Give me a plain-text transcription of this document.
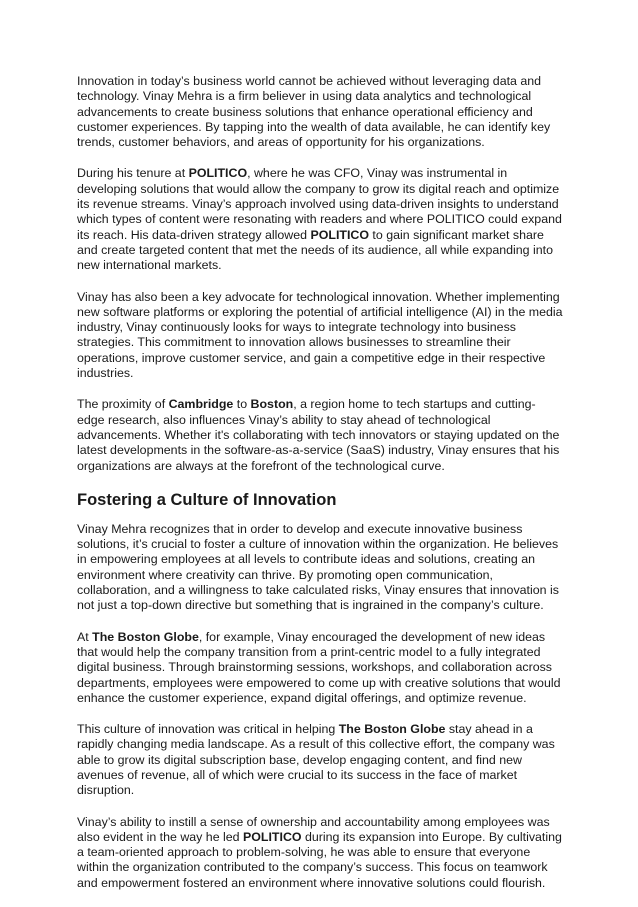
Innovation in today’s business world cannot be achieved without leveraging data and technology. Vinay Mehra is a firm believer in using data analytics and technological advancements to create business solutions that enhance operational efficiency and customer experiences. By tapping into the wealth of data available, he can identify key trends, customer behaviors, and areas of opportunity for his organizations.

During his tenure at POLITICO, where he was CFO, Vinay was instrumental in developing solutions that would allow the company to grow its digital reach and optimize its revenue streams. Vinay’s approach involved using data-driven insights to understand which types of content were resonating with readers and where POLITICO could expand its reach. His data-driven strategy allowed POLITICO to gain significant market share and create targeted content that met the needs of its audience, all while expanding into new international markets.

Vinay has also been a key advocate for technological innovation. Whether implementing new software platforms or exploring the potential of artificial intelligence (AI) in the media industry, Vinay continuously looks for ways to integrate technology into business strategies. This commitment to innovation allows businesses to streamline their operations, improve customer service, and gain a competitive edge in their respective industries.

The proximity of Cambridge to Boston, a region home to tech startups and cutting-edge research, also influences Vinay’s ability to stay ahead of technological advancements. Whether it's collaborating with tech innovators or staying updated on the latest developments in the software-as-a-service (SaaS) industry, Vinay ensures that his organizations are always at the forefront of the technological curve.

Fostering a Culture of Innovation

Vinay Mehra recognizes that in order to develop and execute innovative business solutions, it’s crucial to foster a culture of innovation within the organization. He believes in empowering employees at all levels to contribute ideas and solutions, creating an environment where creativity can thrive. By promoting open communication, collaboration, and a willingness to take calculated risks, Vinay ensures that innovation is not just a top-down directive but something that is ingrained in the company’s culture.

At The Boston Globe, for example, Vinay encouraged the development of new ideas that would help the company transition from a print-centric model to a fully integrated digital business. Through brainstorming sessions, workshops, and collaboration across departments, employees were empowered to come up with creative solutions that would enhance the customer experience, expand digital offerings, and optimize revenue.

This culture of innovation was critical in helping The Boston Globe stay ahead in a rapidly changing media landscape. As a result of this collective effort, the company was able to grow its digital subscription base, develop engaging content, and find new avenues of revenue, all of which were crucial to its success in the face of market disruption.

Vinay’s ability to instill a sense of ownership and accountability among employees was also evident in the way he led POLITICO during its expansion into Europe. By cultivating a team-oriented approach to problem-solving, he was able to ensure that everyone within the organization contributed to the company’s success. This focus on teamwork and empowerment fostered an environment where innovative solutions could flourish.
